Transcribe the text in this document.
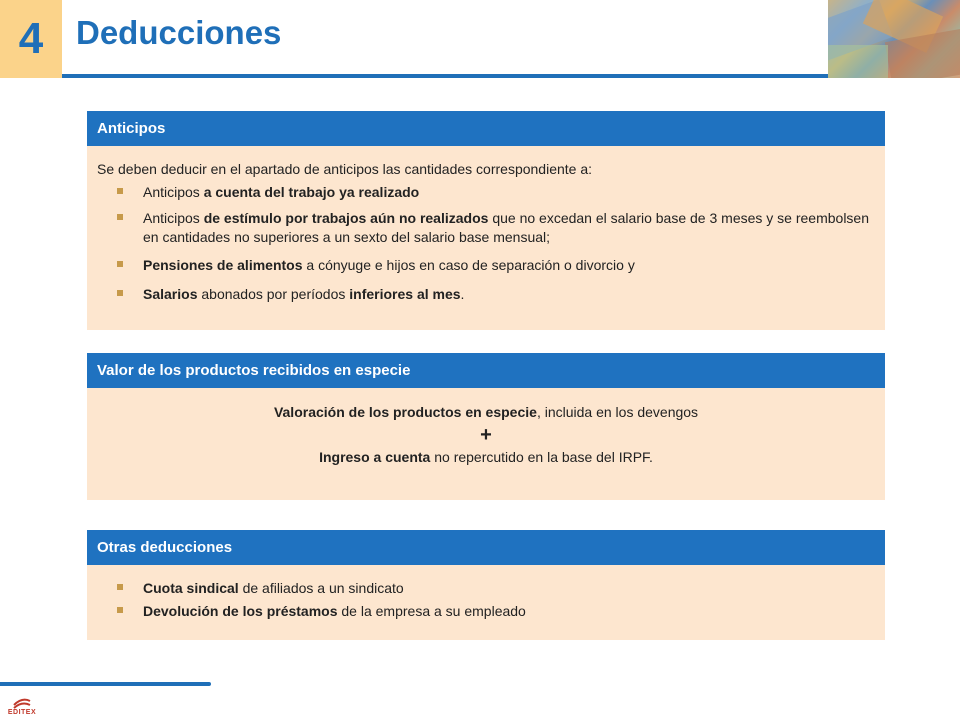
4 Deducciones
Anticipos
Se deben deducir en el apartado de anticipos las cantidades correspondiente a:
Anticipos a cuenta del trabajo ya realizado
Anticipos de estímulo por trabajos aún no realizados que no excedan el salario base de 3 meses y se reembolsen en cantidades no superiores a un sexto del salario base mensual;
Pensiones de alimentos a cónyuge e hijos en caso de separación o divorcio y
Salarios abonados por períodos inferiores al mes.
Valor de los productos recibidos en especie
Valoración de los productos en especie, incluida en los devengos
+
Ingreso a cuenta no repercutido en la base del IRPF.
Otras deducciones
Cuota sindical de afiliados a un sindicato
Devolución de los préstamos de la empresa a su empleado
EDITEX
